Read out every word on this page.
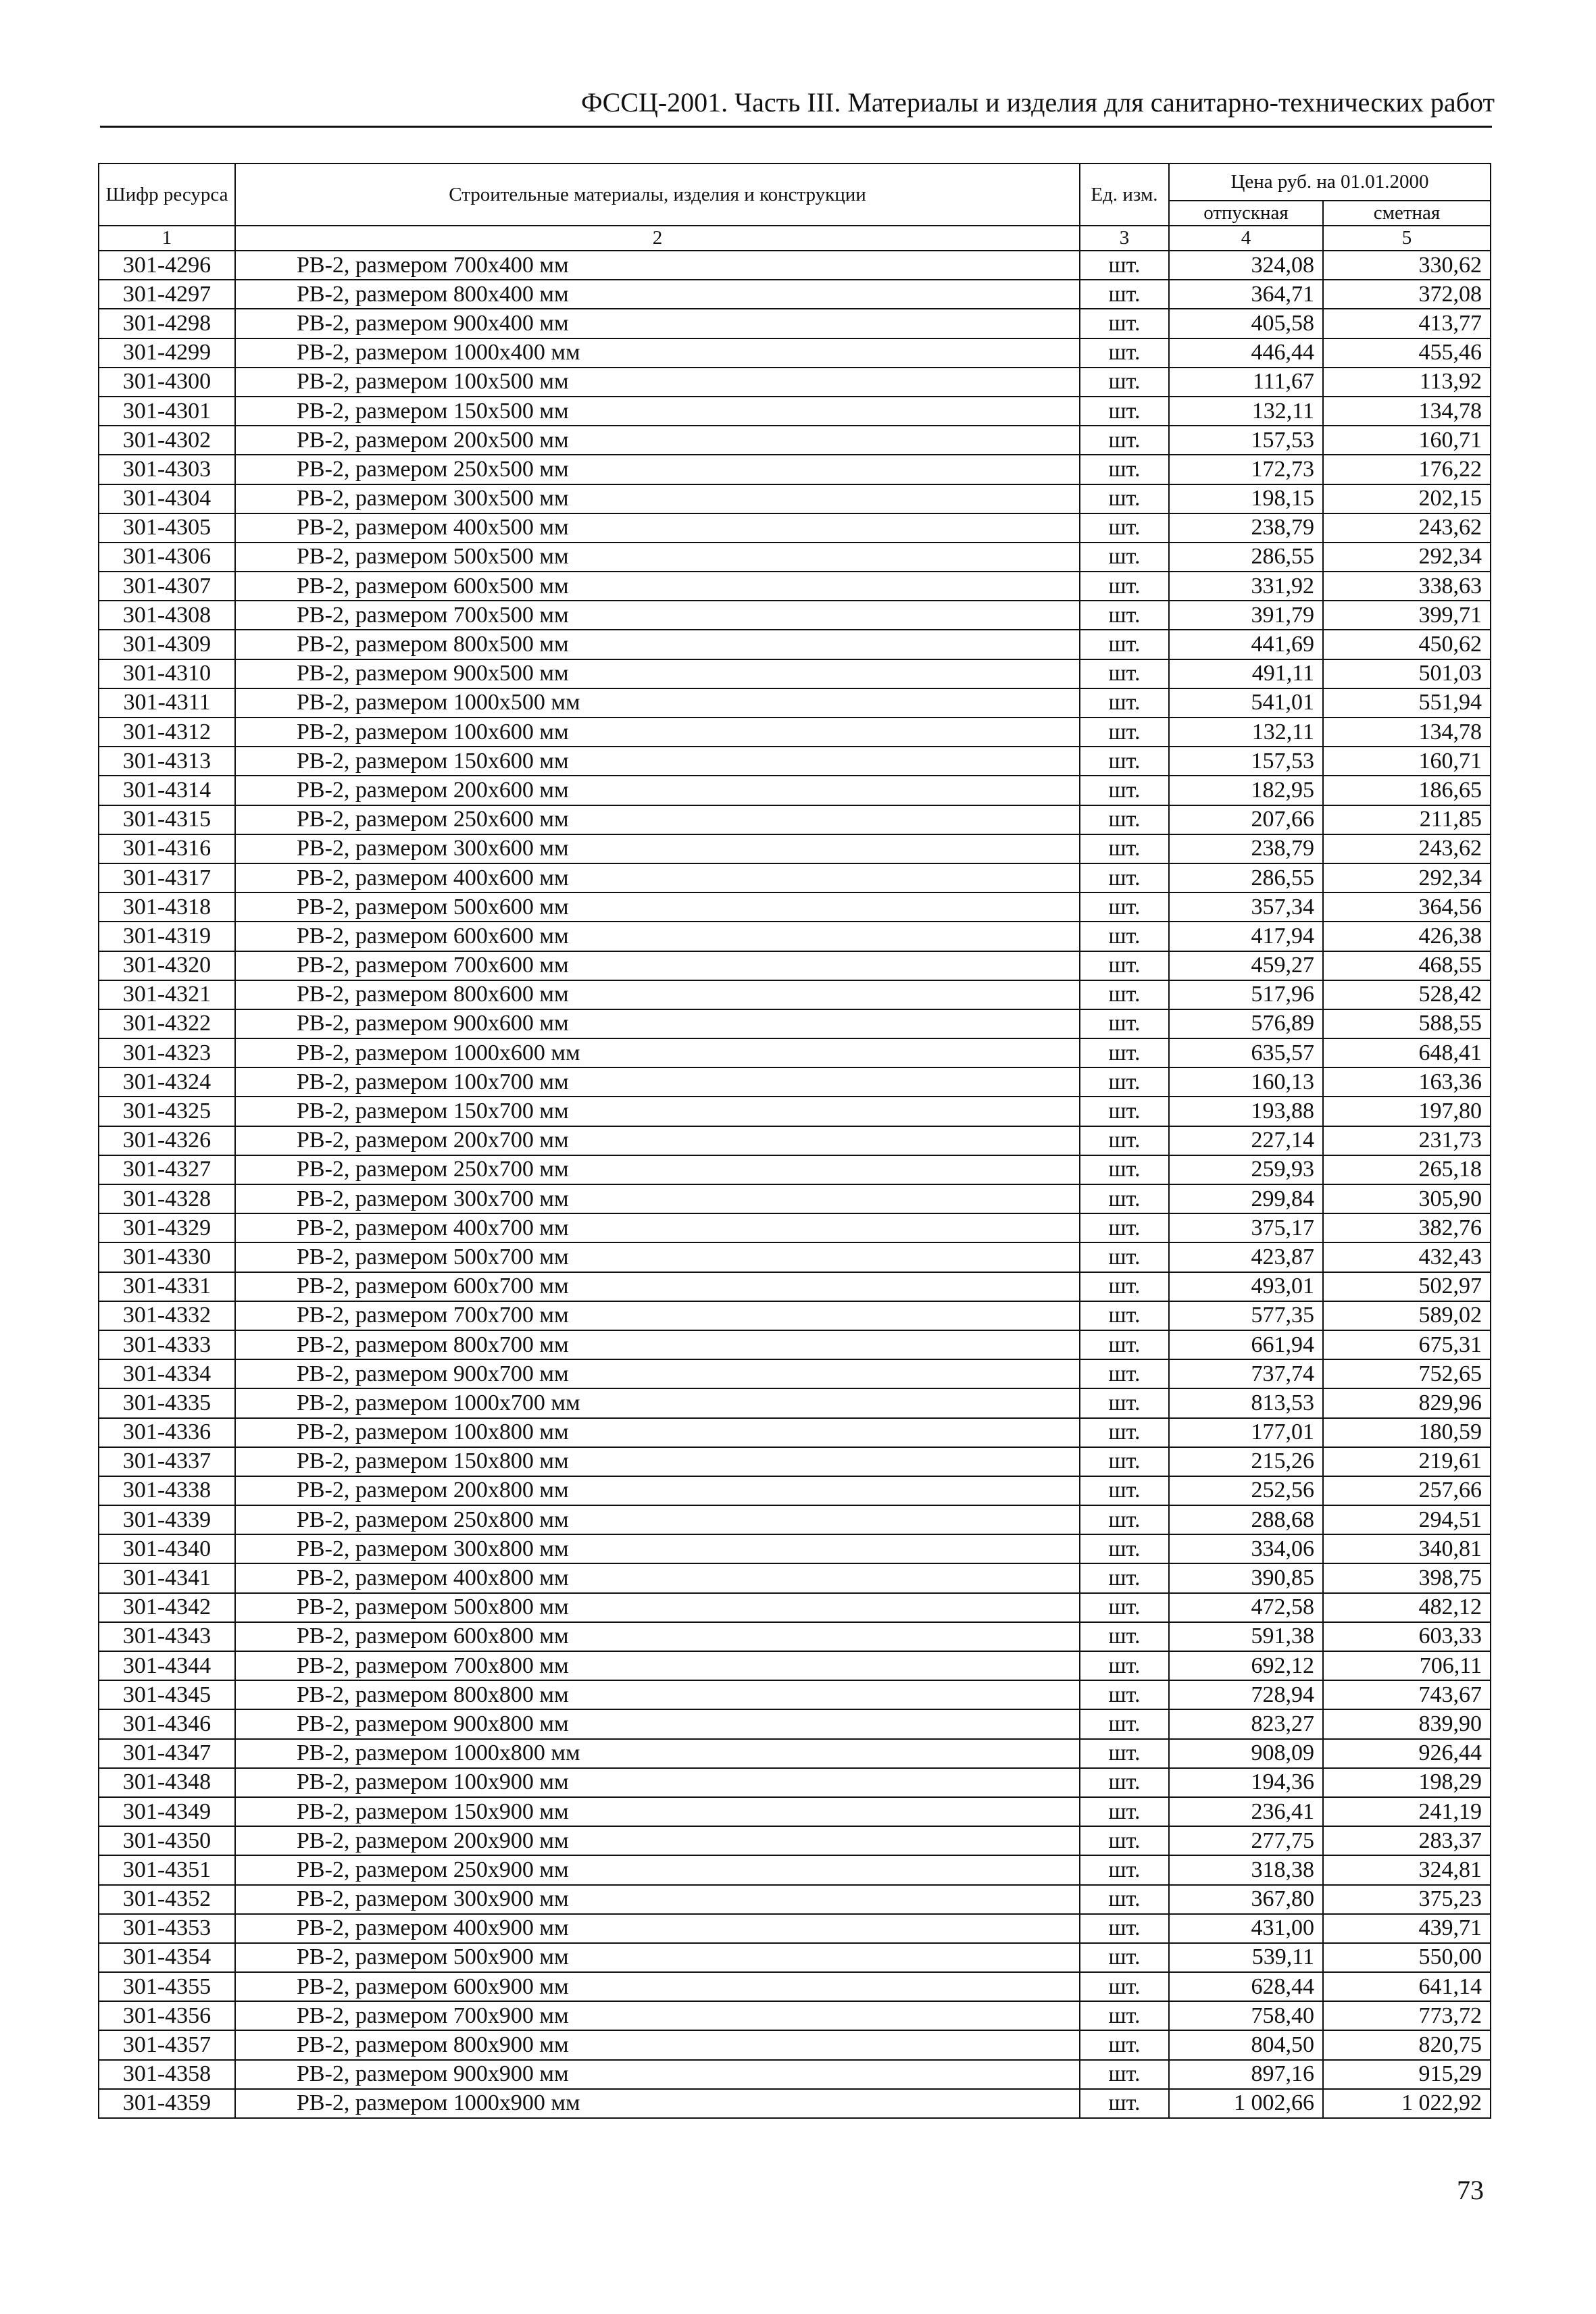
ФССЦ-2001. Часть III. Материалы и изделия для санитарно-технических работ
Шифр ресурса	Строительные материалы, изделия и конструкции	Ед. изм.	Цена руб. на 01.01.2000	
			отпускная	сметная
1	2	3	4	5
301-4296	РВ-2, размером 700х400 мм	шт.	324,08	330,62
301-4297	РВ-2, размером 800х400 мм	шт.	364,71	372,08
301-4298	РВ-2, размером 900х400 мм	шт.	405,58	413,77
301-4299	РВ-2, размером 1000х400 мм	шт.	446,44	455,46
301-4300	РВ-2, размером 100х500 мм	шт.	111,67	113,92
301-4301	РВ-2, размером 150х500 мм	шт.	132,11	134,78
301-4302	РВ-2, размером 200х500 мм	шт.	157,53	160,71
301-4303	РВ-2, размером 250х500 мм	шт.	172,73	176,22
301-4304	РВ-2, размером 300х500 мм	шт.	198,15	202,15
301-4305	РВ-2, размером 400х500 мм	шт.	238,79	243,62
301-4306	РВ-2, размером 500х500 мм	шт.	286,55	292,34
301-4307	РВ-2, размером 600х500 мм	шт.	331,92	338,63
301-4308	РВ-2, размером 700х500 мм	шт.	391,79	399,71
301-4309	РВ-2, размером 800х500 мм	шт.	441,69	450,62
301-4310	РВ-2, размером 900х500 мм	шт.	491,11	501,03
301-4311	РВ-2, размером 1000х500 мм	шт.	541,01	551,94
301-4312	РВ-2, размером 100х600 мм	шт.	132,11	134,78
301-4313	РВ-2, размером 150х600 мм	шт.	157,53	160,71
301-4314	РВ-2, размером 200х600 мм	шт.	182,95	186,65
301-4315	РВ-2, размером 250х600 мм	шт.	207,66	211,85
301-4316	РВ-2, размером 300х600 мм	шт.	238,79	243,62
301-4317	РВ-2, размером 400х600 мм	шт.	286,55	292,34
301-4318	РВ-2, размером 500х600 мм	шт.	357,34	364,56
301-4319	РВ-2, размером 600х600 мм	шт.	417,94	426,38
301-4320	РВ-2, размером 700х600 мм	шт.	459,27	468,55
301-4321	РВ-2, размером 800х600 мм	шт.	517,96	528,42
301-4322	РВ-2, размером 900х600 мм	шт.	576,89	588,55
301-4323	РВ-2, размером 1000х600 мм	шт.	635,57	648,41
301-4324	РВ-2, размером 100х700 мм	шт.	160,13	163,36
301-4325	РВ-2, размером 150х700 мм	шт.	193,88	197,80
301-4326	РВ-2, размером 200х700 мм	шт.	227,14	231,73
301-4327	РВ-2, размером 250х700 мм	шт.	259,93	265,18
301-4328	РВ-2, размером 300х700 мм	шт.	299,84	305,90
301-4329	РВ-2, размером 400х700 мм	шт.	375,17	382,76
301-4330	РВ-2, размером 500х700 мм	шт.	423,87	432,43
301-4331	РВ-2, размером 600х700 мм	шт.	493,01	502,97
301-4332	РВ-2, размером 700х700 мм	шт.	577,35	589,02
301-4333	РВ-2, размером 800х700 мм	шт.	661,94	675,31
301-4334	РВ-2, размером 900х700 мм	шт.	737,74	752,65
301-4335	РВ-2, размером 1000х700 мм	шт.	813,53	829,96
301-4336	РВ-2, размером 100х800 мм	шт.	177,01	180,59
301-4337	РВ-2, размером 150х800 мм	шт.	215,26	219,61
301-4338	РВ-2, размером 200х800 мм	шт.	252,56	257,66
301-4339	РВ-2, размером 250х800 мм	шт.	288,68	294,51
301-4340	РВ-2, размером 300х800 мм	шт.	334,06	340,81
301-4341	РВ-2, размером 400х800 мм	шт.	390,85	398,75
301-4342	РВ-2, размером 500х800 мм	шт.	472,58	482,12
301-4343	РВ-2, размером 600х800 мм	шт.	591,38	603,33
301-4344	РВ-2, размером 700х800 мм	шт.	692,12	706,11
301-4345	РВ-2, размером 800х800 мм	шт.	728,94	743,67
301-4346	РВ-2, размером 900х800 мм	шт.	823,27	839,90
301-4347	РВ-2, размером 1000х800 мм	шт.	908,09	926,44
301-4348	РВ-2, размером 100х900 мм	шт.	194,36	198,29
301-4349	РВ-2, размером 150х900 мм	шт.	236,41	241,19
301-4350	РВ-2, размером 200х900 мм	шт.	277,75	283,37
301-4351	РВ-2, размером 250х900 мм	шт.	318,38	324,81
301-4352	РВ-2, размером 300х900 мм	шт.	367,80	375,23
301-4353	РВ-2, размером 400х900 мм	шт.	431,00	439,71
301-4354	РВ-2, размером 500х900 мм	шт.	539,11	550,00
301-4355	РВ-2, размером 600х900 мм	шт.	628,44	641,14
301-4356	РВ-2, размером 700х900 мм	шт.	758,40	773,72
301-4357	РВ-2, размером 800х900 мм	шт.	804,50	820,75
301-4358	РВ-2, размером 900х900 мм	шт.	897,16	915,29
301-4359	РВ-2, размером 1000х900 мм	шт.	1 002,66	1 022,92
73
